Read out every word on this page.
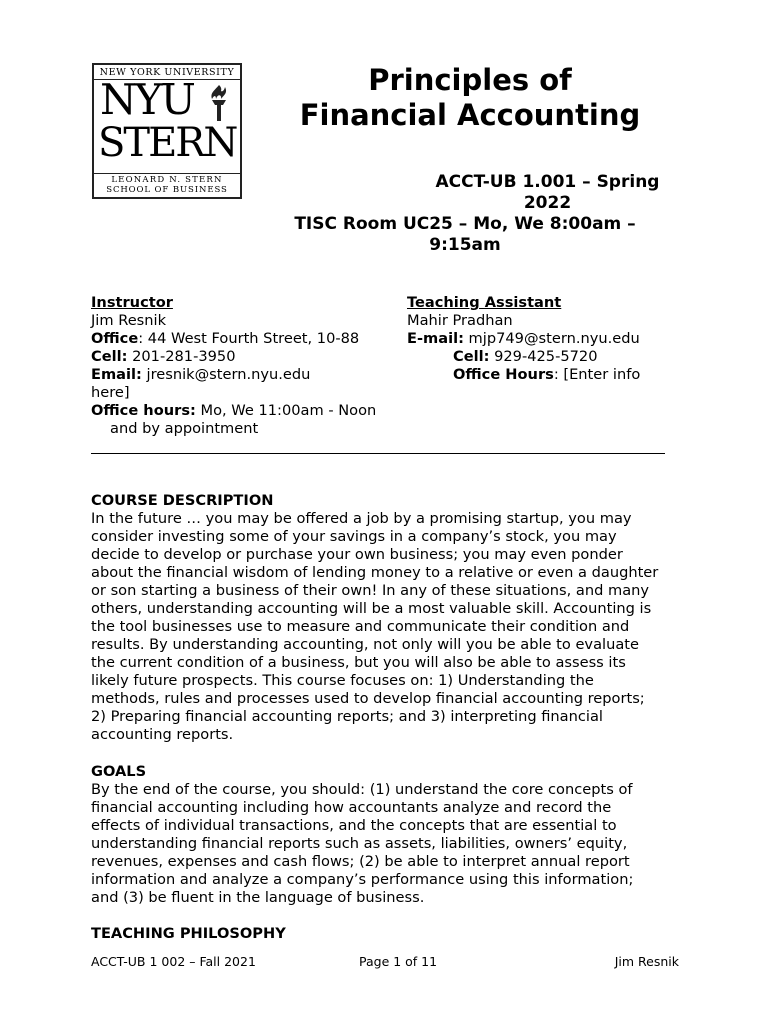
NEW YORK UNIVERSITY
NYU
STERN
LEONARD N. STERN
SCHOOL OF BUSINESS
Principles of
Financial Accounting
ACCT-UB 1.001 – Spring
2022
TISC Room UC25 – Mo, We 8:00am –
9:15am
Instructor
Jim Resnik
Office: 44 West Fourth Street, 10-88
Cell: 201-281-3950
Email: jresnik@stern.nyu.edu
here]
Office hours: Mo, We 11:00am - Noon
and by appointment
Teaching Assistant
Mahir Pradhan
E-mail: mjp749@stern.nyu.edu
Cell: 929-425-5720
Office Hours: [Enter info
COURSE DESCRIPTION
In the future … you may be offered a job by a promising startup, you may
consider investing some of your savings in a company’s stock, you may
decide to develop or purchase your own business; you may even ponder
about the financial wisdom of lending money to a relative or even a daughter
or son starting a business of their own! In any of these situations, and many
others, understanding accounting will be a most valuable skill. Accounting is
the tool businesses use to measure and communicate their condition and
results. By understanding accounting, not only will you be able to evaluate
the current condition of a business, but you will also be able to assess its
likely future prospects. This course focuses on: 1) Understanding the
methods, rules and processes used to develop financial accounting reports;
2) Preparing financial accounting reports; and 3) interpreting financial
accounting reports.
GOALS
By the end of the course, you should: (1) understand the core concepts of
financial accounting including how accountants analyze and record the
effects of individual transactions, and the concepts that are essential to
understanding financial reports such as assets, liabilities, owners’ equity,
revenues, expenses and cash flows; (2) be able to interpret annual report
information and analyze a company’s performance using this information;
and (3) be fluent in the language of business.
TEACHING PHILOSOPHY
ACCT-UB 1 002 – Fall 2021	Page 1 of 11	Jim Resnik
